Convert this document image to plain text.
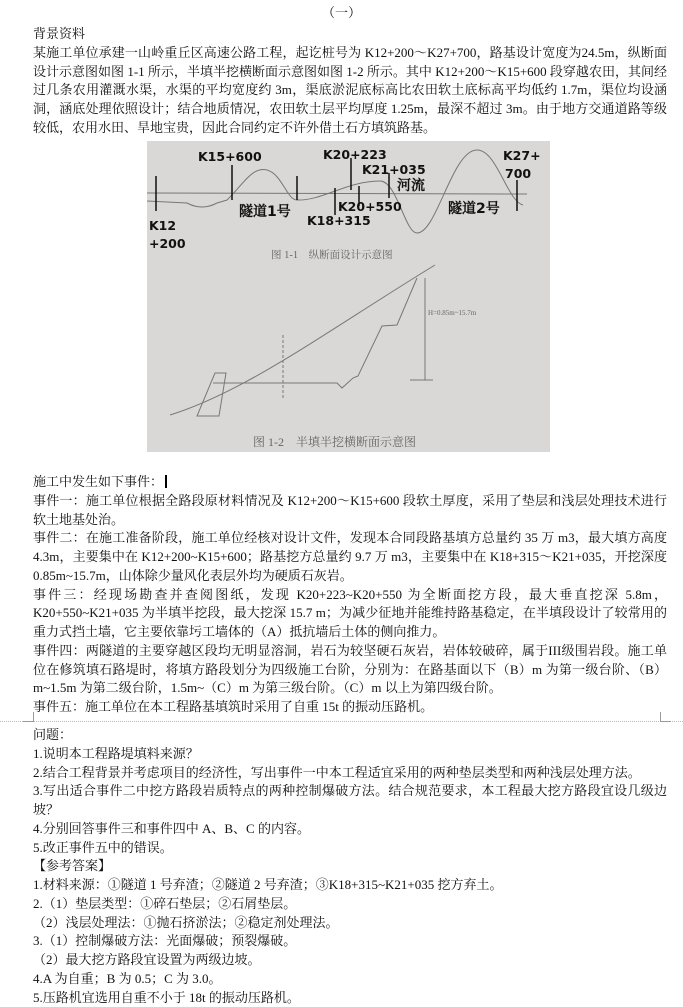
（一）

背景资料

某施工单位承建一山岭重丘区高速公路工程，起讫桩号为 K12+200～K27+700，路基设计宽度为24.5m，纵断面设计示意图如图 1-1 所示，半填半挖横断面示意图如图 1-2 所示。其中 K12+200～K15+600 段穿越农田，其间经过几条农用灌溉水渠，水渠的平均宽度约 3m，渠底淤泥底标高比农田软土底标高平均低约 1.7m，渠位均设涵洞，涵底处理依照设计；结合地质情况，农田软土层平均厚度 1.25m，最深不超过 3m。由于地方交通道路等级较低，农用水田、旱地宝贵，因此合同约定不许外借土石方填筑路基。

K12
+200
K15+600
K18+315
K20+223
K20+550
K21+035
河流
隧道1号	隧道2号
K27+
700
图 1-1　纵断面设计示意图
H=0.85m~15.7m
图 1-2　半填半挖横断面示意图

施工中发生如下事件：

事件一：施工单位根据全路段原材料情况及 K12+200～K15+600 段软土厚度，采用了垫层和浅层处理技术进行软土地基处治。

事件二：在施工准备阶段，施工单位经核对设计文件，发现本合同段路基填方总量约 35 万 m3，最大填方高度 4.3m，主要集中在 K12+200~K15+600；路基挖方总量约 9.7 万 m3，主要集中在 K18+315～K21+035，开挖深度 0.85m~15.7m，山体除少量风化表层外均为硬质石灰岩。

事件三：经现场勘查并查阅图纸，发现 K20+223~K20+550 为全断面挖方段，最大垂直挖深 5.8m，K20+550~K21+035 为半填半挖段，最大挖深 15.7 m；为减少征地并能维持路基稳定，在半填段设计了较常用的重力式挡土墙，它主要依靠圬工墙体的（A）抵抗墙后土体的侧向推力。

事件四：两隧道的主要穿越区段均无明显溶洞，岩石为较坚硬石灰岩，岩体较破碎，属于III级围岩段。施工单位在修筑填石路堤时，将填方路段划分为四级施工台阶，分别为：在路基面以下（B）m 为第一级台阶、（B）m~1.5m 为第二级台阶，1.5m~（C）m 为第三级台阶。（C）m 以上为第四级台阶。

事件五：施工单位在本工程路基填筑时采用了自重 15t 的振动压路机。

问题：

1.说明本工程路堤填料来源？

2.结合工程背景并考虑项目的经济性，写出事件一中本工程适宜采用的两种垫层类型和两种浅层处理方法。

3.写出适合事件二中挖方路段岩质特点的两种控制爆破方法。结合规范要求，本工程最大挖方路段宜设几级边坡？

4.分别回答事件三和事件四中 A、B、C 的内容。

5.改正事件五中的错误。

【参考答案】

1.材料来源：①隧道 1 号弃渣；②隧道 2 号弃渣；③K18+315~K21+035 挖方弃土。

2.（1）垫层类型：①碎石垫层；②石屑垫层。

（2）浅层处理法：①抛石挤淤法；②稳定剂处理法。

3.（1）控制爆破方法：光面爆破；预裂爆破。

（2）最大挖方路段宜设置为两级边坡。

4.A 为自重；B 为 0.5；C 为 3.0。

5.压路机宜选用自重不小于 18t 的振动压路机。
